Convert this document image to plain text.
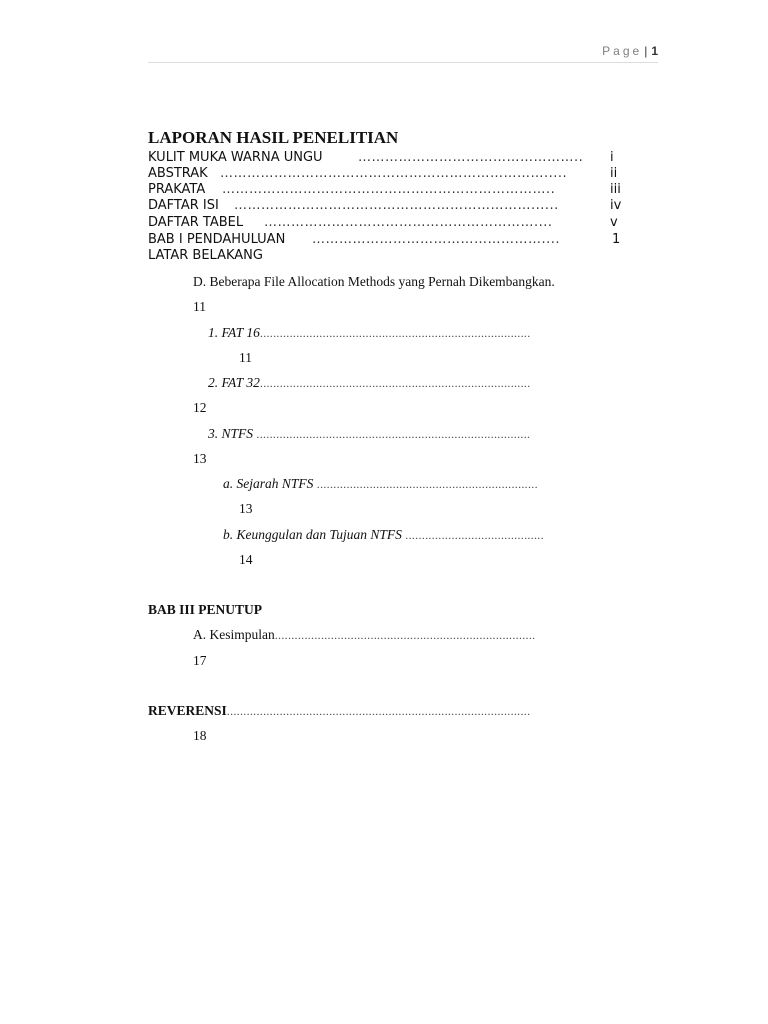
Page | 1
LAPORAN HASIL PENELITIAN
KULIT MUKA WARNA UNGU	………………………………………….. i
ABSTRAK ……………………………………………………………….....	ii
PRAKATA ………………………………………………………………..	iii
DAFTAR ISI …………………………………………………………......	iv
DAFTAR TABEL ……………………………………………………....	v
BAB I PENDAHULUAN ……………………………………………....	1
LATAR BELAKANG
D. Beberapa File Allocation Methods yang Pernah Dikembangkan.
11
1. FAT 16..................................................................................
11
2. FAT 32..................................................................................
12
3. NTFS ...................................................................................
13
a. Sejarah NTFS ...................................................................
13
b. Keunggulan dan Tujuan NTFS ..........................................
14
BAB III PENUTUP
A. Kesimpulan...............................................................................
17
REVERENSI............................................................................................
18
